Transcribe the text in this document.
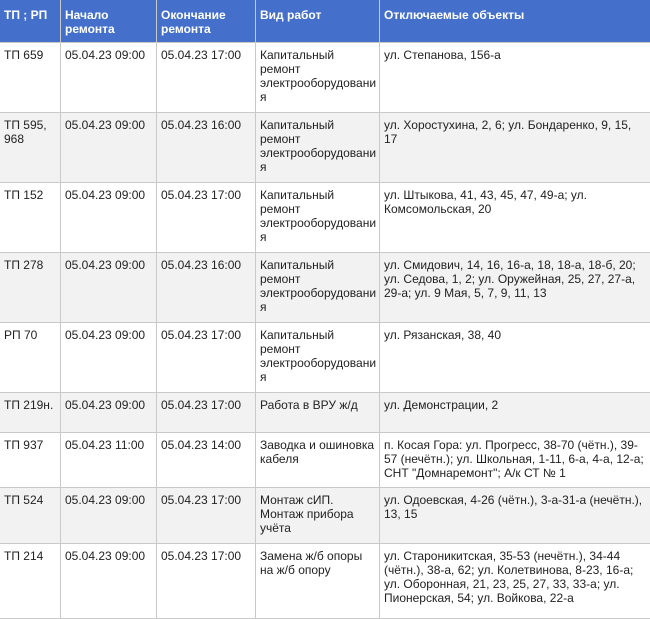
ТП ; РП	Начало ремонта	Окончание ремонта	Вид работ	Отключаемые объекты
ТП 659	05.04.23 09:00	05.04.23 17:00	Капитальный ремонт электрооборудования	ул. Степанова, 156-а
ТП 595, 968	05.04.23 09:00	05.04.23 16:00	Капитальный ремонт электрооборудования	ул. Хоростухина, 2, 6; ул. Бондаренко, 9, 15, 17
ТП 152	05.04.23 09:00	05.04.23 17:00	Капитальный ремонт электрооборудования	ул. Штыкова, 41, 43, 45, 47, 49-а; ул. Комсомольская, 20
ТП 278	05.04.23 09:00	05.04.23 16:00	Капитальный ремонт электрооборудования	ул. Смидович, 14, 16, 16-а, 18, 18-а, 18-б, 20; ул. Седова, 1, 2; ул. Оружейная, 25, 27, 27-а, 29-а; ул. 9 Мая, 5, 7, 9, 11, 13
РП 70	05.04.23 09:00	05.04.23 17:00	Капитальный ремонт электрооборудования	ул. Рязанская, 38, 40
ТП 219н.	05.04.23 09:00	05.04.23 17:00	Работа в ВРУ ж/д	ул. Демонстрации, 2
ТП 937	05.04.23 11:00	05.04.23 14:00	Заводка и ошиновка кабеля	п. Косая Гора: ул. Прогресс, 38-70 (чётн.), 39-57 (нечётн.); ул. Школьная, 1-11, 6-а, 4-а, 12-а; СНТ "Домнаремонт"; А/к СТ № 1
ТП 524	05.04.23 09:00	05.04.23 17:00	Монтаж сИП. Монтаж прибора учёта	ул. Одоевская, 4-26 (чётн.), 3-а-31-а (нечётн.), 13, 15
ТП 214	05.04.23 09:00	05.04.23 17:00	Замена ж/б опоры на ж/б опору	ул. Староникитская, 35-53 (нечётн.), 34-44 (чётн.), 38-а, 62; ул. Колетвинова, 8-23, 16-а; ул. Оборонная, 21, 23, 25, 27, 33, 33-а; ул. Пионерская, 54; ул. Войкова, 22-а
